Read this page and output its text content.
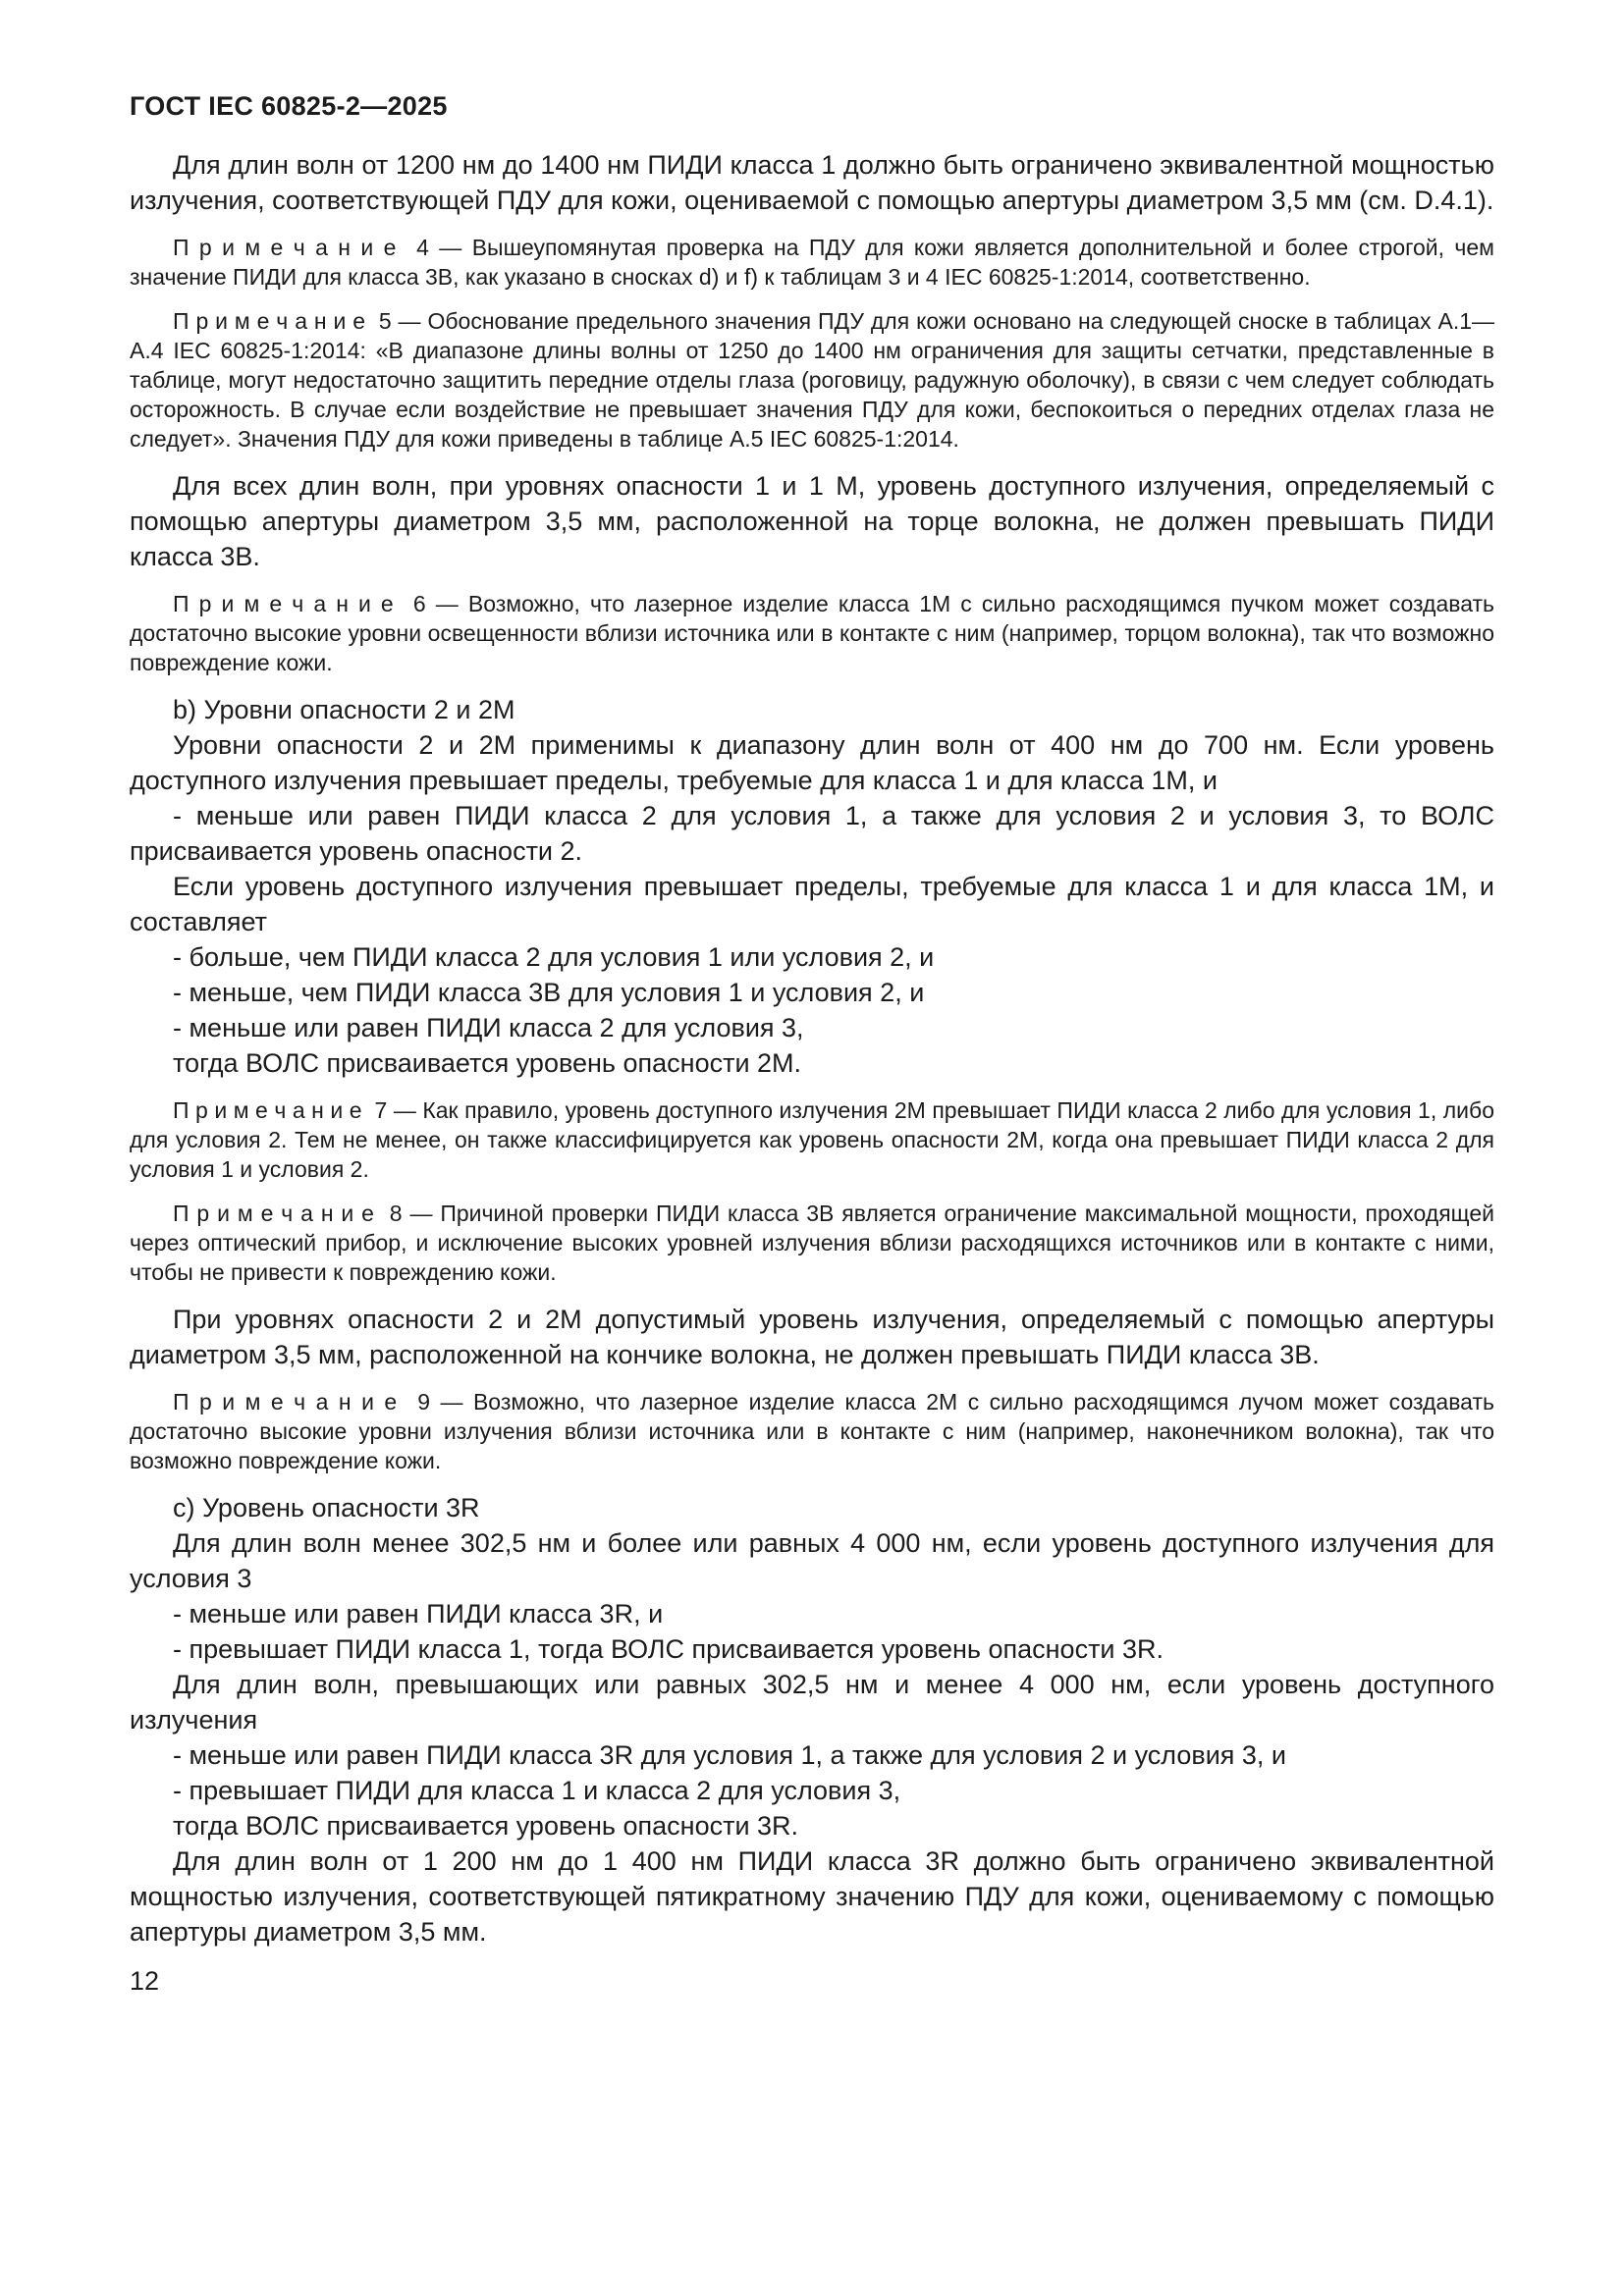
ГОСТ IEC 60825-2—2025

Для длин волн от 1200 нм до 1400 нм ПИДИ класса 1 должно быть ограничено эквивалентной мощностью излучения, соответствующей ПДУ для кожи, оцениваемой с помощью апертуры диаметром 3,5 мм (см. D.4.1).

П р и м е ч а н и е  4 — Вышеупомянутая проверка на ПДУ для кожи является дополнительной и более строгой, чем значение ПИДИ для класса 3В, как указано в сносках d) и f) к таблицам 3 и 4 IEC 60825-1:2014, соответственно.

П р и м е ч а н и е  5 — Обоснование предельного значения ПДУ для кожи основано на следующей сноске в таблицах А.1—А.4 IEC 60825-1:2014: «В диапазоне длины волны от 1250 до 1400 нм ограничения для защиты сетчатки, представленные в таблице, могут недостаточно защитить передние отделы глаза (роговицу, радужную оболочку), в связи с чем следует соблюдать осторожность. В случае если воздействие не превышает значения ПДУ для кожи, беспокоиться о передних отделах глаза не следует». Значения ПДУ для кожи приведены в таблице А.5 IEC 60825-1:2014.

Для всех длин волн, при уровнях опасности 1 и 1 М, уровень доступного излучения, определяемый с помощью апертуры диаметром 3,5 мм, расположенной на торце волокна, не должен превышать ПИДИ класса 3В.

П р и м е ч а н и е  6 — Возможно, что лазерное изделие класса 1М с сильно расходящимся пучком может создавать достаточно высокие уровни освещенности вблизи источника или в контакте с ним (например, торцом волокна), так что возможно повреждение кожи.

b) Уровни опасности 2 и 2М

Уровни опасности 2 и 2М применимы к диапазону длин волн от 400 нм до 700 нм. Если уровень доступного излучения превышает пределы, требуемые для класса 1 и для класса 1М, и

- меньше или равен ПИДИ класса 2 для условия 1, а также для условия 2 и условия 3, то ВОЛС присваивается уровень опасности 2.

Если уровень доступного излучения превышает пределы, требуемые для класса 1 и для класса 1М, и составляет

- больше, чем ПИДИ класса 2 для условия 1 или условия 2, и

- меньше, чем ПИДИ класса 3В для условия 1 и условия 2, и

- меньше или равен ПИДИ класса 2 для условия 3,

тогда ВОЛС присваивается уровень опасности 2М.

П р и м е ч а н и е  7 — Как правило, уровень доступного излучения 2М превышает ПИДИ класса 2 либо для условия 1, либо для условия 2. Тем не менее, он также классифицируется как уровень опасности 2М, когда она превышает ПИДИ класса 2 для условия 1 и условия 2.

П р и м е ч а н и е  8 — Причиной проверки ПИДИ класса 3В является ограничение максимальной мощности, проходящей через оптический прибор, и исключение высоких уровней излучения вблизи расходящихся источников или в контакте с ними, чтобы не привести к повреждению кожи.

При уровнях опасности 2 и 2М допустимый уровень излучения, определяемый с помощью апертуры диаметром 3,5 мм, расположенной на кончике волокна, не должен превышать ПИДИ класса 3В.

П р и м е ч а н и е  9 — Возможно, что лазерное изделие класса 2М с сильно расходящимся лучом может создавать достаточно высокие уровни излучения вблизи источника или в контакте с ним (например, наконечником волокна), так что возможно повреждение кожи.

c) Уровень опасности 3R

Для длин волн менее 302,5 нм и более или равных 4 000 нм, если уровень доступного излучения для условия 3

- меньше или равен ПИДИ класса 3R, и

- превышает ПИДИ класса 1, тогда ВОЛС присваивается уровень опасности 3R.

Для длин волн, превышающих или равных 302,5 нм и менее 4 000 нм, если уровень доступного излучения

- меньше или равен ПИДИ класса 3R для условия 1, а также для условия 2 и условия 3, и

- превышает ПИДИ для класса 1 и класса 2 для условия 3,

тогда ВОЛС присваивается уровень опасности 3R.

Для длин волн от 1 200 нм до 1 400 нм ПИДИ класса 3R должно быть ограничено эквивалентной мощностью излучения, соответствующей пятикратному значению ПДУ для кожи, оцениваемому с помощью апертуры диаметром 3,5 мм.

12
